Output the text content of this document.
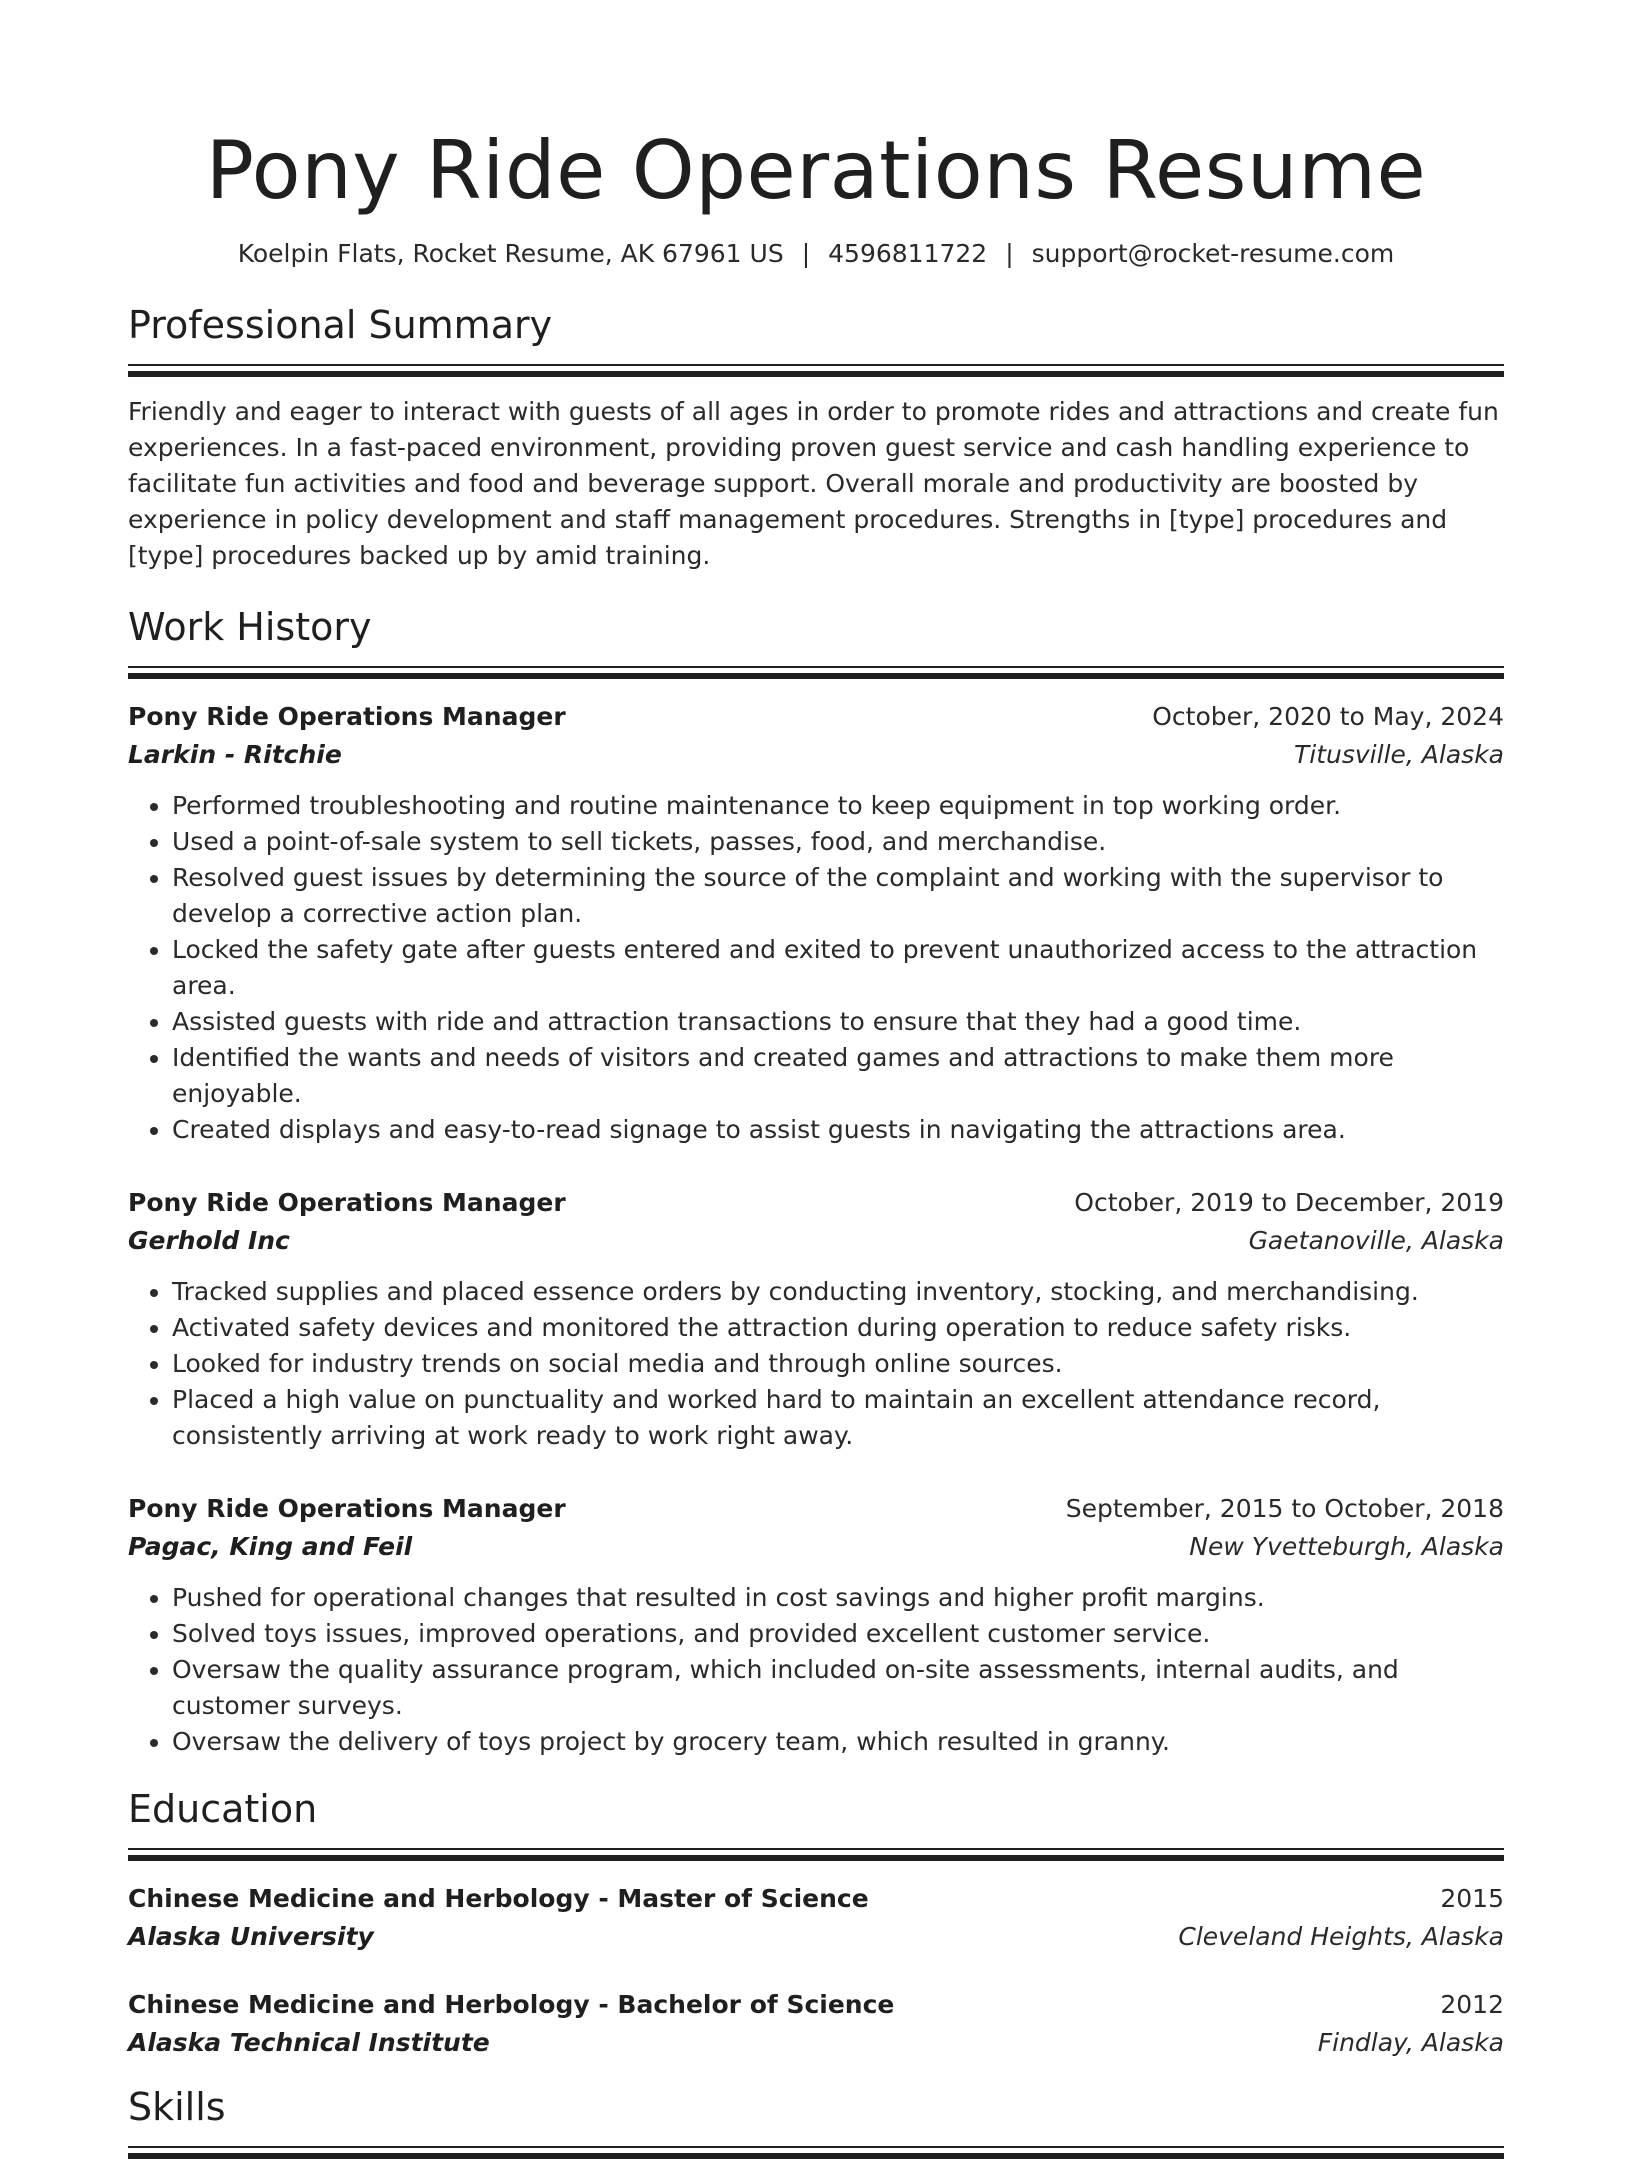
Pony Ride Operations Resume
Koelpin Flats, Rocket Resume, AK 67961 US | 4596811722 | support@rocket-resume.com
Professional Summary
Friendly and eager to interact with guests of all ages in order to promote rides and attractions and create fun experiences. In a fast-paced environment, providing proven guest service and cash handling experience to facilitate fun activities and food and beverage support. Overall morale and productivity are boosted by experience in policy development and staff management procedures. Strengths in [type] procedures and [type] procedures backed up by amid training.
Work History
Pony Ride Operations Manager	October, 2020 to May, 2024
Larkin - Ritchie	Titusville, Alaska
• Performed troubleshooting and routine maintenance to keep equipment in top working order.
• Used a point-of-sale system to sell tickets, passes, food, and merchandise.
• Resolved guest issues by determining the source of the complaint and working with the supervisor to develop a corrective action plan.
• Locked the safety gate after guests entered and exited to prevent unauthorized access to the attraction area.
• Assisted guests with ride and attraction transactions to ensure that they had a good time.
• Identified the wants and needs of visitors and created games and attractions to make them more enjoyable.
• Created displays and easy-to-read signage to assist guests in navigating the attractions area.
Pony Ride Operations Manager	October, 2019 to December, 2019
Gerhold Inc	Gaetanoville, Alaska
• Tracked supplies and placed essence orders by conducting inventory, stocking, and merchandising.
• Activated safety devices and monitored the attraction during operation to reduce safety risks.
• Looked for industry trends on social media and through online sources.
• Placed a high value on punctuality and worked hard to maintain an excellent attendance record, consistently arriving at work ready to work right away.
Pony Ride Operations Manager	September, 2015 to October, 2018
Pagac, King and Feil	New Yvetteburgh, Alaska
• Pushed for operational changes that resulted in cost savings and higher profit margins.
• Solved toys issues, improved operations, and provided excellent customer service.
• Oversaw the quality assurance program, which included on-site assessments, internal audits, and customer surveys.
• Oversaw the delivery of toys project by grocery team, which resulted in granny.
Education
Chinese Medicine and Herbology - Master of Science	2015
Alaska University	Cleveland Heights, Alaska
Chinese Medicine and Herbology - Bachelor of Science	2012
Alaska Technical Institute	Findlay, Alaska
Skills
